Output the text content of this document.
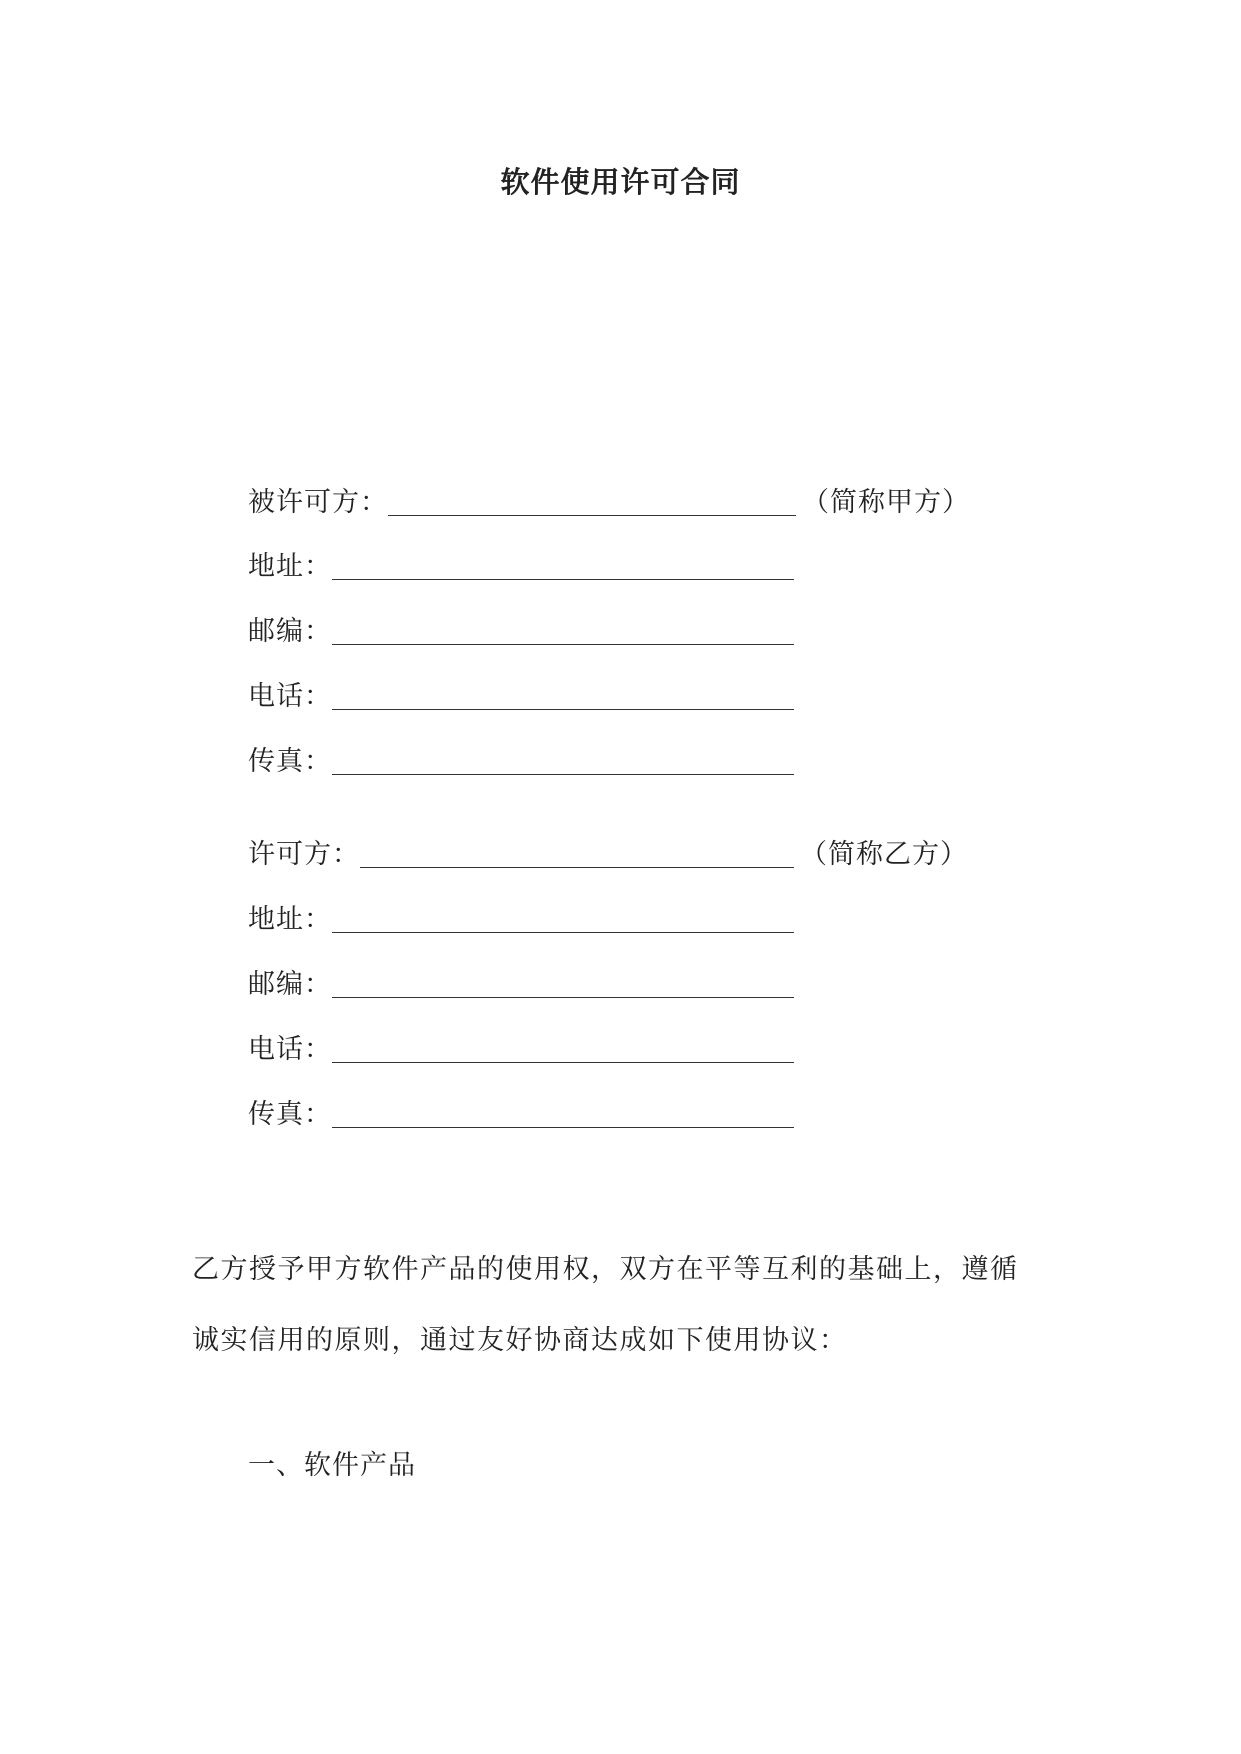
软件使用许可合同
被许可方：	（简称甲方）
地址：
邮编：
电话：
传真：
许可方：	（简称乙方）
地址：
邮编：
电话：
传真：
乙方授予甲方软件产品的使用权，双方在平等互利的基础上，遵循
诚实信用的原则，通过友好协商达成如下使用协议：
一、软件产品
